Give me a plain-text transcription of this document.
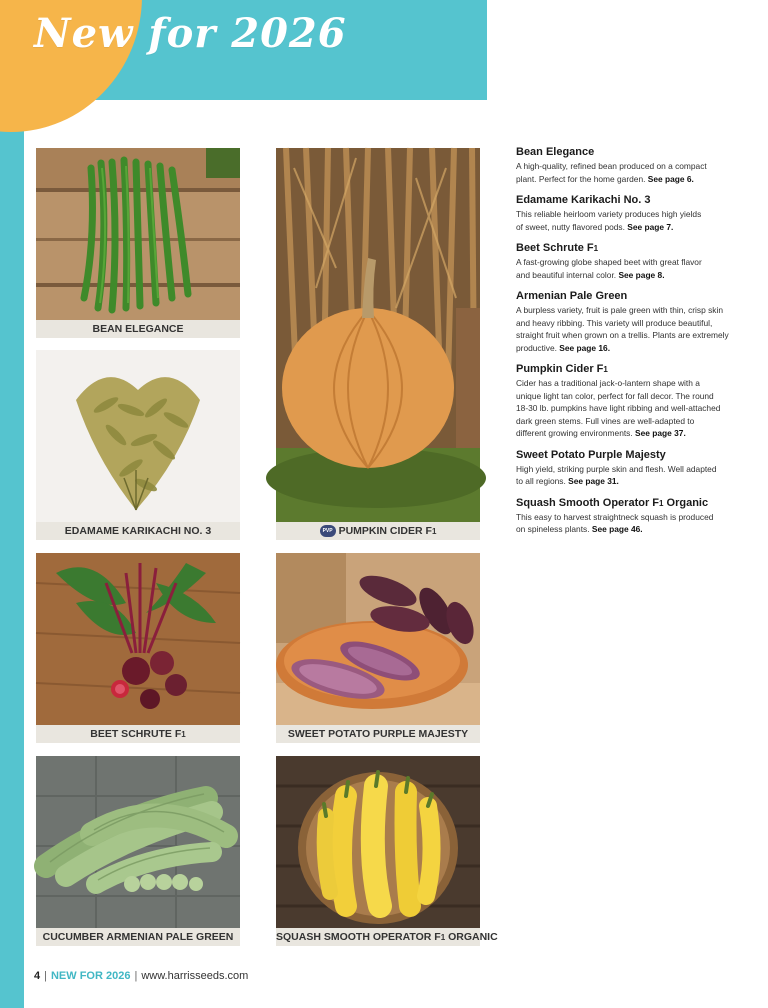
New for 2026
BEAN ELEGANCE
EDAMAME KARIKACHI NO. 3	PVP PUMPKIN CIDER F1
BEET SCHRUTE F1	SWEET POTATO PURPLE MAJESTY
CUCUMBER ARMENIAN PALE GREEN	SQUASH SMOOTH OPERATOR F1 ORGANIC
Bean Elegance
A high-quality, refined bean produced on a compact
plant. Perfect for the home garden. See page 6.
Edamame Karikachi No. 3
This reliable heirloom variety produces high yields
of sweet, nutty flavored pods. See page 7.
Beet Schrute F1
A fast-growing globe shaped beet with great flavor
and beautiful internal color. See page 8.
Armenian Pale Green
A burpless variety, fruit is pale green with thin, crisp skin
and heavy ribbing. This variety will produce beautiful,
straight fruit when grown on a trellis. Plants are extremely
productive. See page 16.
Pumpkin Cider F1
Cider has a traditional jack-o-lantern shape with a
unique light tan color, perfect for fall decor. The round
18-30 lb. pumpkins have light ribbing and well-attached
dark green stems. Full vines are well-adapted to
different growing environments. See page 37.
Sweet Potato Purple Majesty
High yield, striking purple skin and flesh. Well adapted
to all regions. See page 31.
Squash Smooth Operator F1 Organic
This easy to harvest straightneck squash is produced
on spineless plants. See page 46.
4 | NEW FOR 2026 | www.harrisseeds.com
